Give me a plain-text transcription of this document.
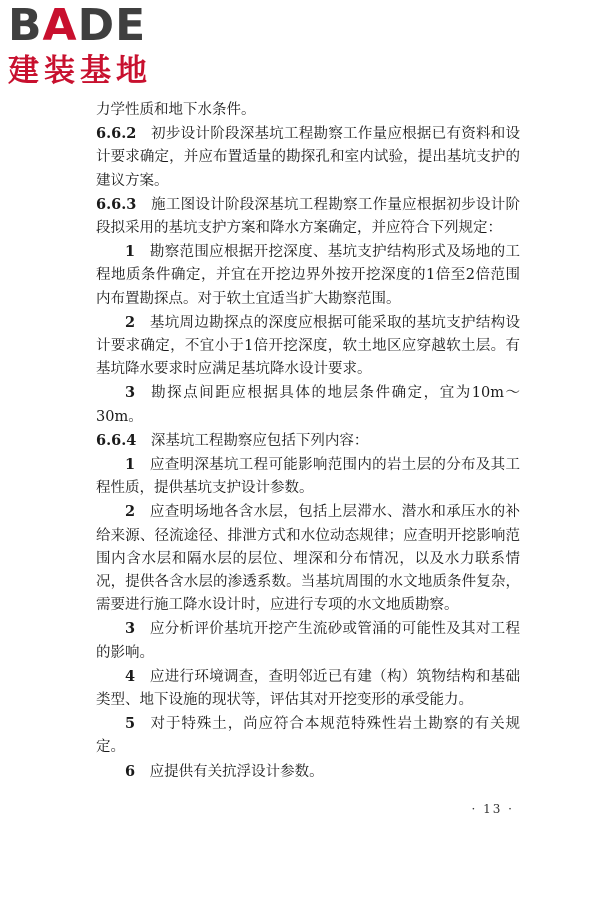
BADE
建装基地

力学性质和地下水条件。

6.6.2  初步设计阶段深基坑工程勘察工作量应根据已有资料和设计要求确定，并应布置适量的勘探孔和室内试验，提出基坑支护的建议方案。

6.6.3  施工图设计阶段深基坑工程勘察工作量应根据初步设计阶段拟采用的基坑支护方案和降水方案确定，并应符合下列规定：

1  勘察范围应根据开挖深度、基坑支护结构形式及场地的工程地质条件确定，并宜在开挖边界外按开挖深度的1倍至2倍范围内布置勘探点。对于软土宜适当扩大勘察范围。

2  基坑周边勘探点的深度应根据可能采取的基坑支护结构设计要求确定，不宜小于1倍开挖深度，软土地区应穿越软土层。有基坑降水要求时应满足基坑降水设计要求。

3  勘探点间距应根据具体的地层条件确定，宜为10m～30m。

6.6.4  深基坑工程勘察应包括下列内容：

1  应查明深基坑工程可能影响范围内的岩土层的分布及其工程性质，提供基坑支护设计参数。

2  应查明场地各含水层，包括上层滞水、潜水和承压水的补给来源、径流途径、排泄方式和水位动态规律；应查明开挖影响范围内含水层和隔水层的层位、埋深和分布情况，以及水力联系情况，提供各含水层的渗透系数。当基坑周围的水文地质条件复杂，需要进行施工降水设计时，应进行专项的水文地质勘察。

3  应分析评价基坑开挖产生流砂或管涌的可能性及其对工程的影响。

4  应进行环境调查，查明邻近已有建（构）筑物结构和基础类型、地下设施的现状等，评估其对开挖变形的承受能力。

5  对于特殊土，尚应符合本规范特殊性岩土勘察的有关规定。

6  应提供有关抗浮设计参数。

· 13 ·
